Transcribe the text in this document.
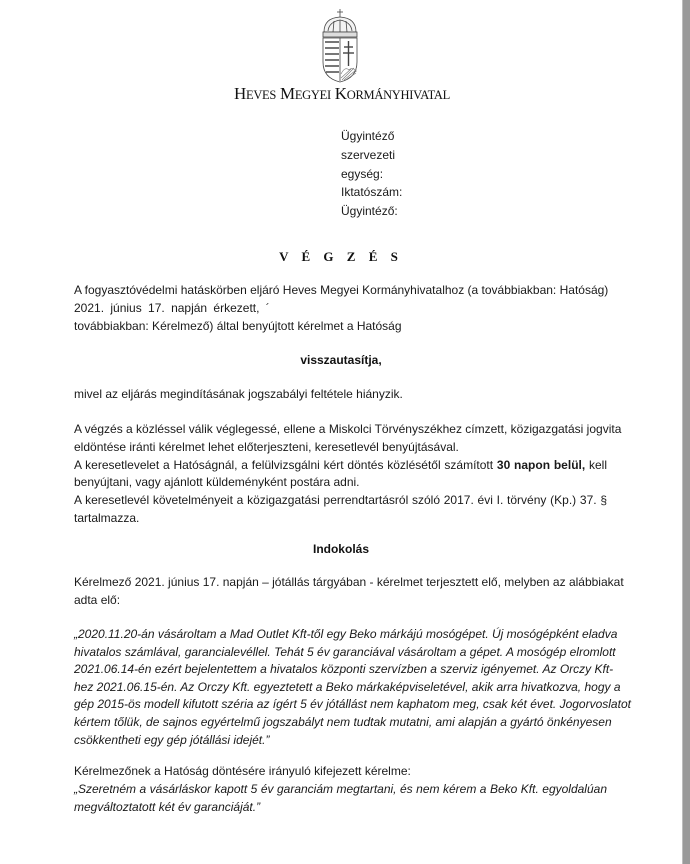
HEVES MEGYEI KORMÁNYHIVATAL
Ügyintéző
szervezeti
egység:
Iktatószám:
Ügyintéző:
V É G Z É S
A fogyasztóvédelmi hatáskörben eljáró Heves Megyei Kormányhivatalhoz (a továbbiakban: Hatóság)
2021. június 17. napján érkezett, ´
továbbiakban: Kérelmező) által benyújtott kérelmet a Hatóság
visszautasítja,
mivel az eljárás megindításának jogszabályi feltétele hiányzik.
A végzés a közléssel válik véglegessé, ellene a Miskolci Törvényszékhez címzett, közigazgatási jogvita
eldöntése iránti kérelmet lehet előterjeszteni, keresetlevél benyújtásával.
A keresetlevelet a Hatóságnál, a felülvizsgálni kért döntés közlésétől számított 30 napon belül, kell
benyújtani, vagy ajánlott küldeményként postára adni.
A keresetlevél követelményeit a közigazgatási perrendtartásról szóló 2017. évi I. törvény (Kp.) 37. §
tartalmazza.
Indokolás
Kérelmező 2021. június 17. napján – jótállás tárgyában - kérelmet terjesztett elő, melyben az alábbiakat
adta elő:
„2020.11.20-án vásároltam a Mad Outlet Kft-től egy Beko márkájú mosógépet. Új mosógépként eladva
hivatalos számlával, garancialevéllel. Tehát 5 év garanciával vásároltam a gépet. A mosógép elromlott
2021.06.14-én ezért bejelentettem a hivatalos központi szervízben a szerviz igényemet. Az Orczy Kft-
hez 2021.06.15-én. Az Orczy Kft. egyeztetett a Beko márkaképviseletével, akik arra hivatkozva, hogy a
gép 2015-ös modell kifutott széria az ígért 5 év jótállást nem kaphatom meg, csak két évet. Jogorvoslatot
kértem tőlük, de sajnos egyértelmű jogszabályt nem tudtak mutatni, ami alapján a gyártó önkényesen
csökkentheti egy gép jótállási idejét.”
Kérelmezőnek a Hatóság döntésére irányuló kifejezett kérelme:
„Szeretném a vásárláskor kapott 5 év garanciám megtartani, és nem kérem a Beko Kft. egyoldalúan
megváltoztatott két év garanciáját.”
